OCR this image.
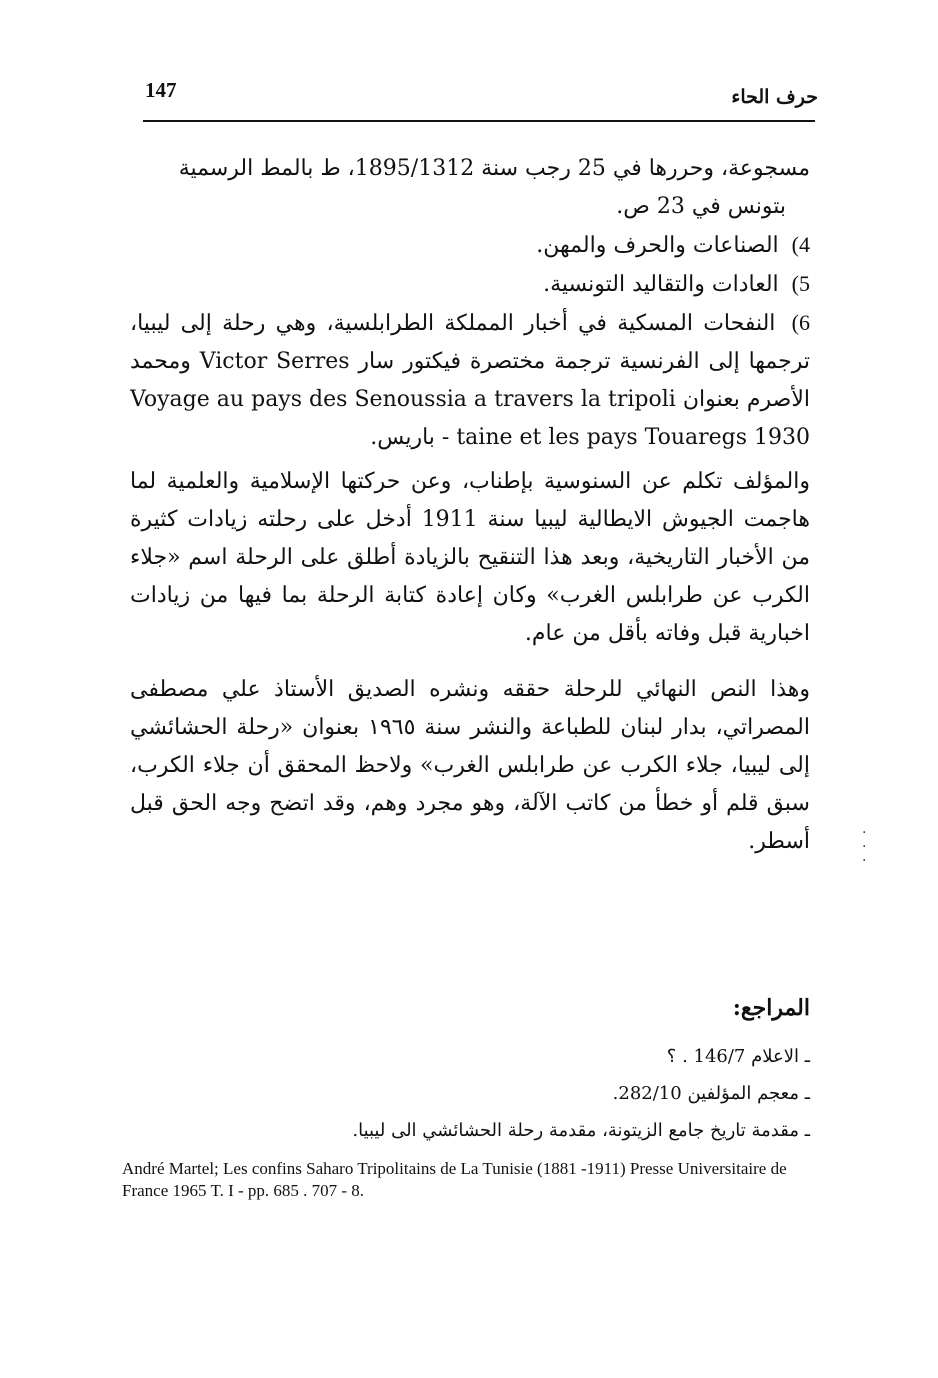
147	حرف الحاء

مسجوعة، وحررها في 25 رجب سنة 1895/1312، ط بالمط الرسمية

بتونس في 23 ص.

4) الصناعات والحرف والمهن.

5) العادات والتقاليد التونسية.

6) النفحات المسكية في أخبار المملكة الطرابلسية، وهي رحلة إلى ليبيا، ترجمها إلى الفرنسية ترجمة مختصرة فيكتور سار Victor Serres ومحمد الأصرم بعنوان Voyage au pays des Senoussia a travers la tripoli - taine et les pays Touaregs 1930 باريس.

والمؤلف تكلم عن السنوسية بإطناب، وعن حركتها الإسلامية والعلمية لما هاجمت الجيوش الايطالية ليبيا سنة 1911 أدخل على رحلته زيادات كثيرة من الأخبار التاريخية، وبعد هذا التنقيح بالزيادة أطلق على الرحلة اسم «جلاء الكرب عن طرابلس الغرب» وكان إعادة كتابة الرحلة بما فيها من زيادات اخبارية قبل وفاته بأقل من عام.

وهذا النص النهائي للرحلة حققه ونشره الصديق الأستاذ علي مصطفى المصراتي، بدار لبنان للطباعة والنشر سنة ١٩٦٥ بعنوان «رحلة الحشائشي إلى ليبيا، جلاء الكرب عن طرابلس الغرب» ولاحظ المحقق أن جلاء الكرب، سبق قلم أو خطأ من كاتب الآلة، وهو مجرد وهم، وقد اتضح وجه الحق قبل أسطر.	·
·
·
المراجع:
ـ الاعلام 146/7 . ؟
ـ معجم المؤلفين 282/10.
ـ مقدمة تاريخ جامع الزيتونة، مقدمة رحلة الحشائشي الى ليبيا.
André Martel; Les confins Saharo Tripolitains de La Tunisie (1881 -1911) Presse Universitaire de France 1965 T. I - pp. 685 . 707 - 8.
